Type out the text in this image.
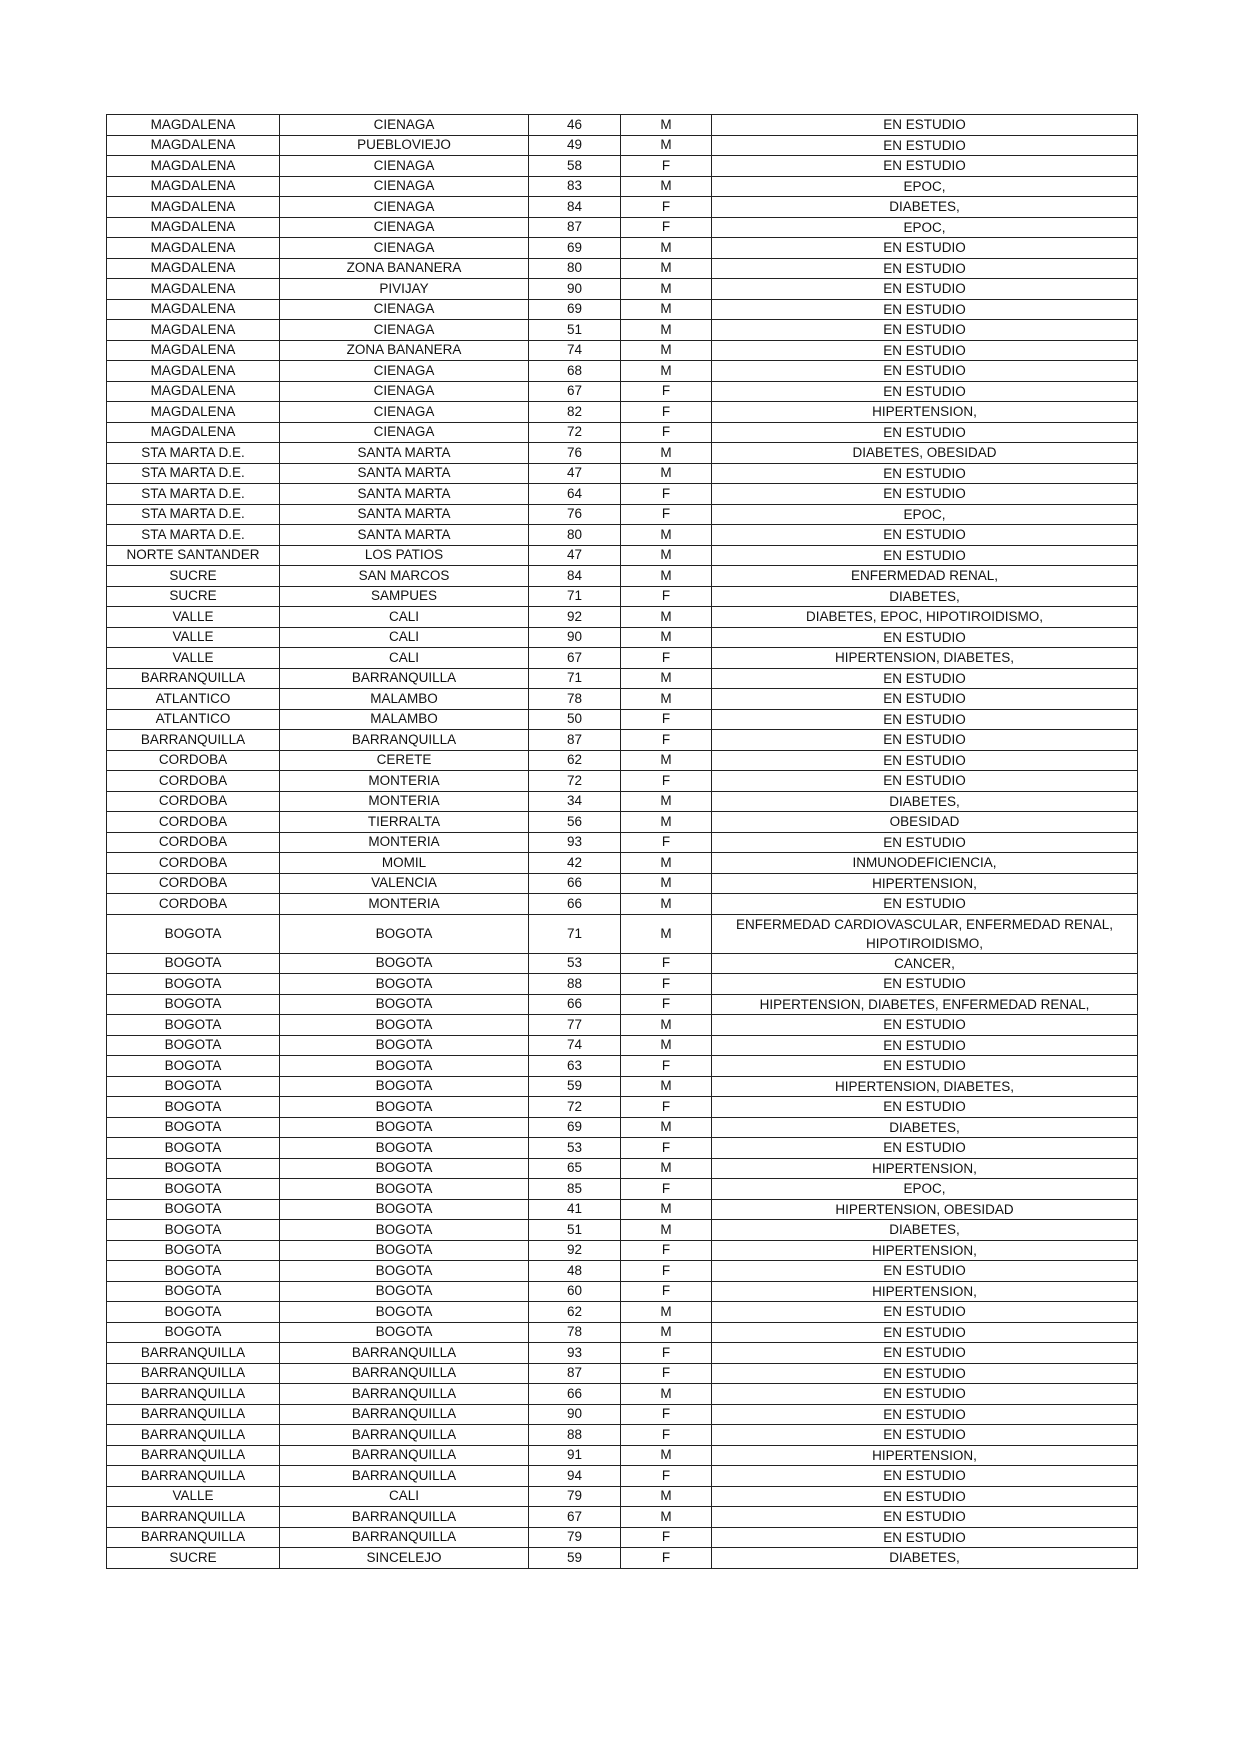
MAGDALENA	CIENAGA	46	M	EN ESTUDIO
MAGDALENA	PUEBLOVIEJO	49	M	EN ESTUDIO
MAGDALENA	CIENAGA	58	F	EN ESTUDIO
MAGDALENA	CIENAGA	83	M	EPOC,
MAGDALENA	CIENAGA	84	F	DIABETES,
MAGDALENA	CIENAGA	87	F	EPOC,
MAGDALENA	CIENAGA	69	M	EN ESTUDIO
MAGDALENA	ZONA BANANERA	80	M	EN ESTUDIO
MAGDALENA	PIVIJAY	90	M	EN ESTUDIO
MAGDALENA	CIENAGA	69	M	EN ESTUDIO
MAGDALENA	CIENAGA	51	M	EN ESTUDIO
MAGDALENA	ZONA BANANERA	74	M	EN ESTUDIO
MAGDALENA	CIENAGA	68	M	EN ESTUDIO
MAGDALENA	CIENAGA	67	F	EN ESTUDIO
MAGDALENA	CIENAGA	82	F	HIPERTENSION,
MAGDALENA	CIENAGA	72	F	EN ESTUDIO
STA MARTA D.E.	SANTA MARTA	76	M	DIABETES, OBESIDAD
STA MARTA D.E.	SANTA MARTA	47	M	EN ESTUDIO
STA MARTA D.E.	SANTA MARTA	64	F	EN ESTUDIO
STA MARTA D.E.	SANTA MARTA	76	F	EPOC,
STA MARTA D.E.	SANTA MARTA	80	M	EN ESTUDIO
NORTE SANTANDER	LOS PATIOS	47	M	EN ESTUDIO
SUCRE	SAN MARCOS	84	M	ENFERMEDAD RENAL,
SUCRE	SAMPUES	71	F	DIABETES,
VALLE	CALI	92	M	DIABETES, EPOC, HIPOTIROIDISMO,
VALLE	CALI	90	M	EN ESTUDIO
VALLE	CALI	67	F	HIPERTENSION, DIABETES,
BARRANQUILLA	BARRANQUILLA	71	M	EN ESTUDIO
ATLANTICO	MALAMBO	78	M	EN ESTUDIO
ATLANTICO	MALAMBO	50	F	EN ESTUDIO
BARRANQUILLA	BARRANQUILLA	87	F	EN ESTUDIO
CORDOBA	CERETE	62	M	EN ESTUDIO
CORDOBA	MONTERIA	72	F	EN ESTUDIO
CORDOBA	MONTERIA	34	M	DIABETES,
CORDOBA	TIERRALTA	56	M	OBESIDAD
CORDOBA	MONTERIA	93	F	EN ESTUDIO
CORDOBA	MOMIL	42	M	INMUNODEFICIENCIA,
CORDOBA	VALENCIA	66	M	HIPERTENSION,
CORDOBA	MONTERIA	66	M	EN ESTUDIO
BOGOTA	BOGOTA	71	M	ENFERMEDAD CARDIOVASCULAR, ENFERMEDAD RENAL, HIPOTIROIDISMO,
BOGOTA	BOGOTA	53	F	CANCER,
BOGOTA	BOGOTA	88	F	EN ESTUDIO
BOGOTA	BOGOTA	66	F	HIPERTENSION, DIABETES, ENFERMEDAD RENAL,
BOGOTA	BOGOTA	77	M	EN ESTUDIO
BOGOTA	BOGOTA	74	M	EN ESTUDIO
BOGOTA	BOGOTA	63	F	EN ESTUDIO
BOGOTA	BOGOTA	59	M	HIPERTENSION, DIABETES,
BOGOTA	BOGOTA	72	F	EN ESTUDIO
BOGOTA	BOGOTA	69	M	DIABETES,
BOGOTA	BOGOTA	53	F	EN ESTUDIO
BOGOTA	BOGOTA	65	M	HIPERTENSION,
BOGOTA	BOGOTA	85	F	EPOC,
BOGOTA	BOGOTA	41	M	HIPERTENSION, OBESIDAD
BOGOTA	BOGOTA	51	M	DIABETES,
BOGOTA	BOGOTA	92	F	HIPERTENSION,
BOGOTA	BOGOTA	48	F	EN ESTUDIO
BOGOTA	BOGOTA	60	F	HIPERTENSION,
BOGOTA	BOGOTA	62	M	EN ESTUDIO
BOGOTA	BOGOTA	78	M	EN ESTUDIO
BARRANQUILLA	BARRANQUILLA	93	F	EN ESTUDIO
BARRANQUILLA	BARRANQUILLA	87	F	EN ESTUDIO
BARRANQUILLA	BARRANQUILLA	66	M	EN ESTUDIO
BARRANQUILLA	BARRANQUILLA	90	F	EN ESTUDIO
BARRANQUILLA	BARRANQUILLA	88	F	EN ESTUDIO
BARRANQUILLA	BARRANQUILLA	91	M	HIPERTENSION,
BARRANQUILLA	BARRANQUILLA	94	F	EN ESTUDIO
VALLE	CALI	79	M	EN ESTUDIO
BARRANQUILLA	BARRANQUILLA	67	M	EN ESTUDIO
BARRANQUILLA	BARRANQUILLA	79	F	EN ESTUDIO
SUCRE	SINCELEJO	59	F	DIABETES,
